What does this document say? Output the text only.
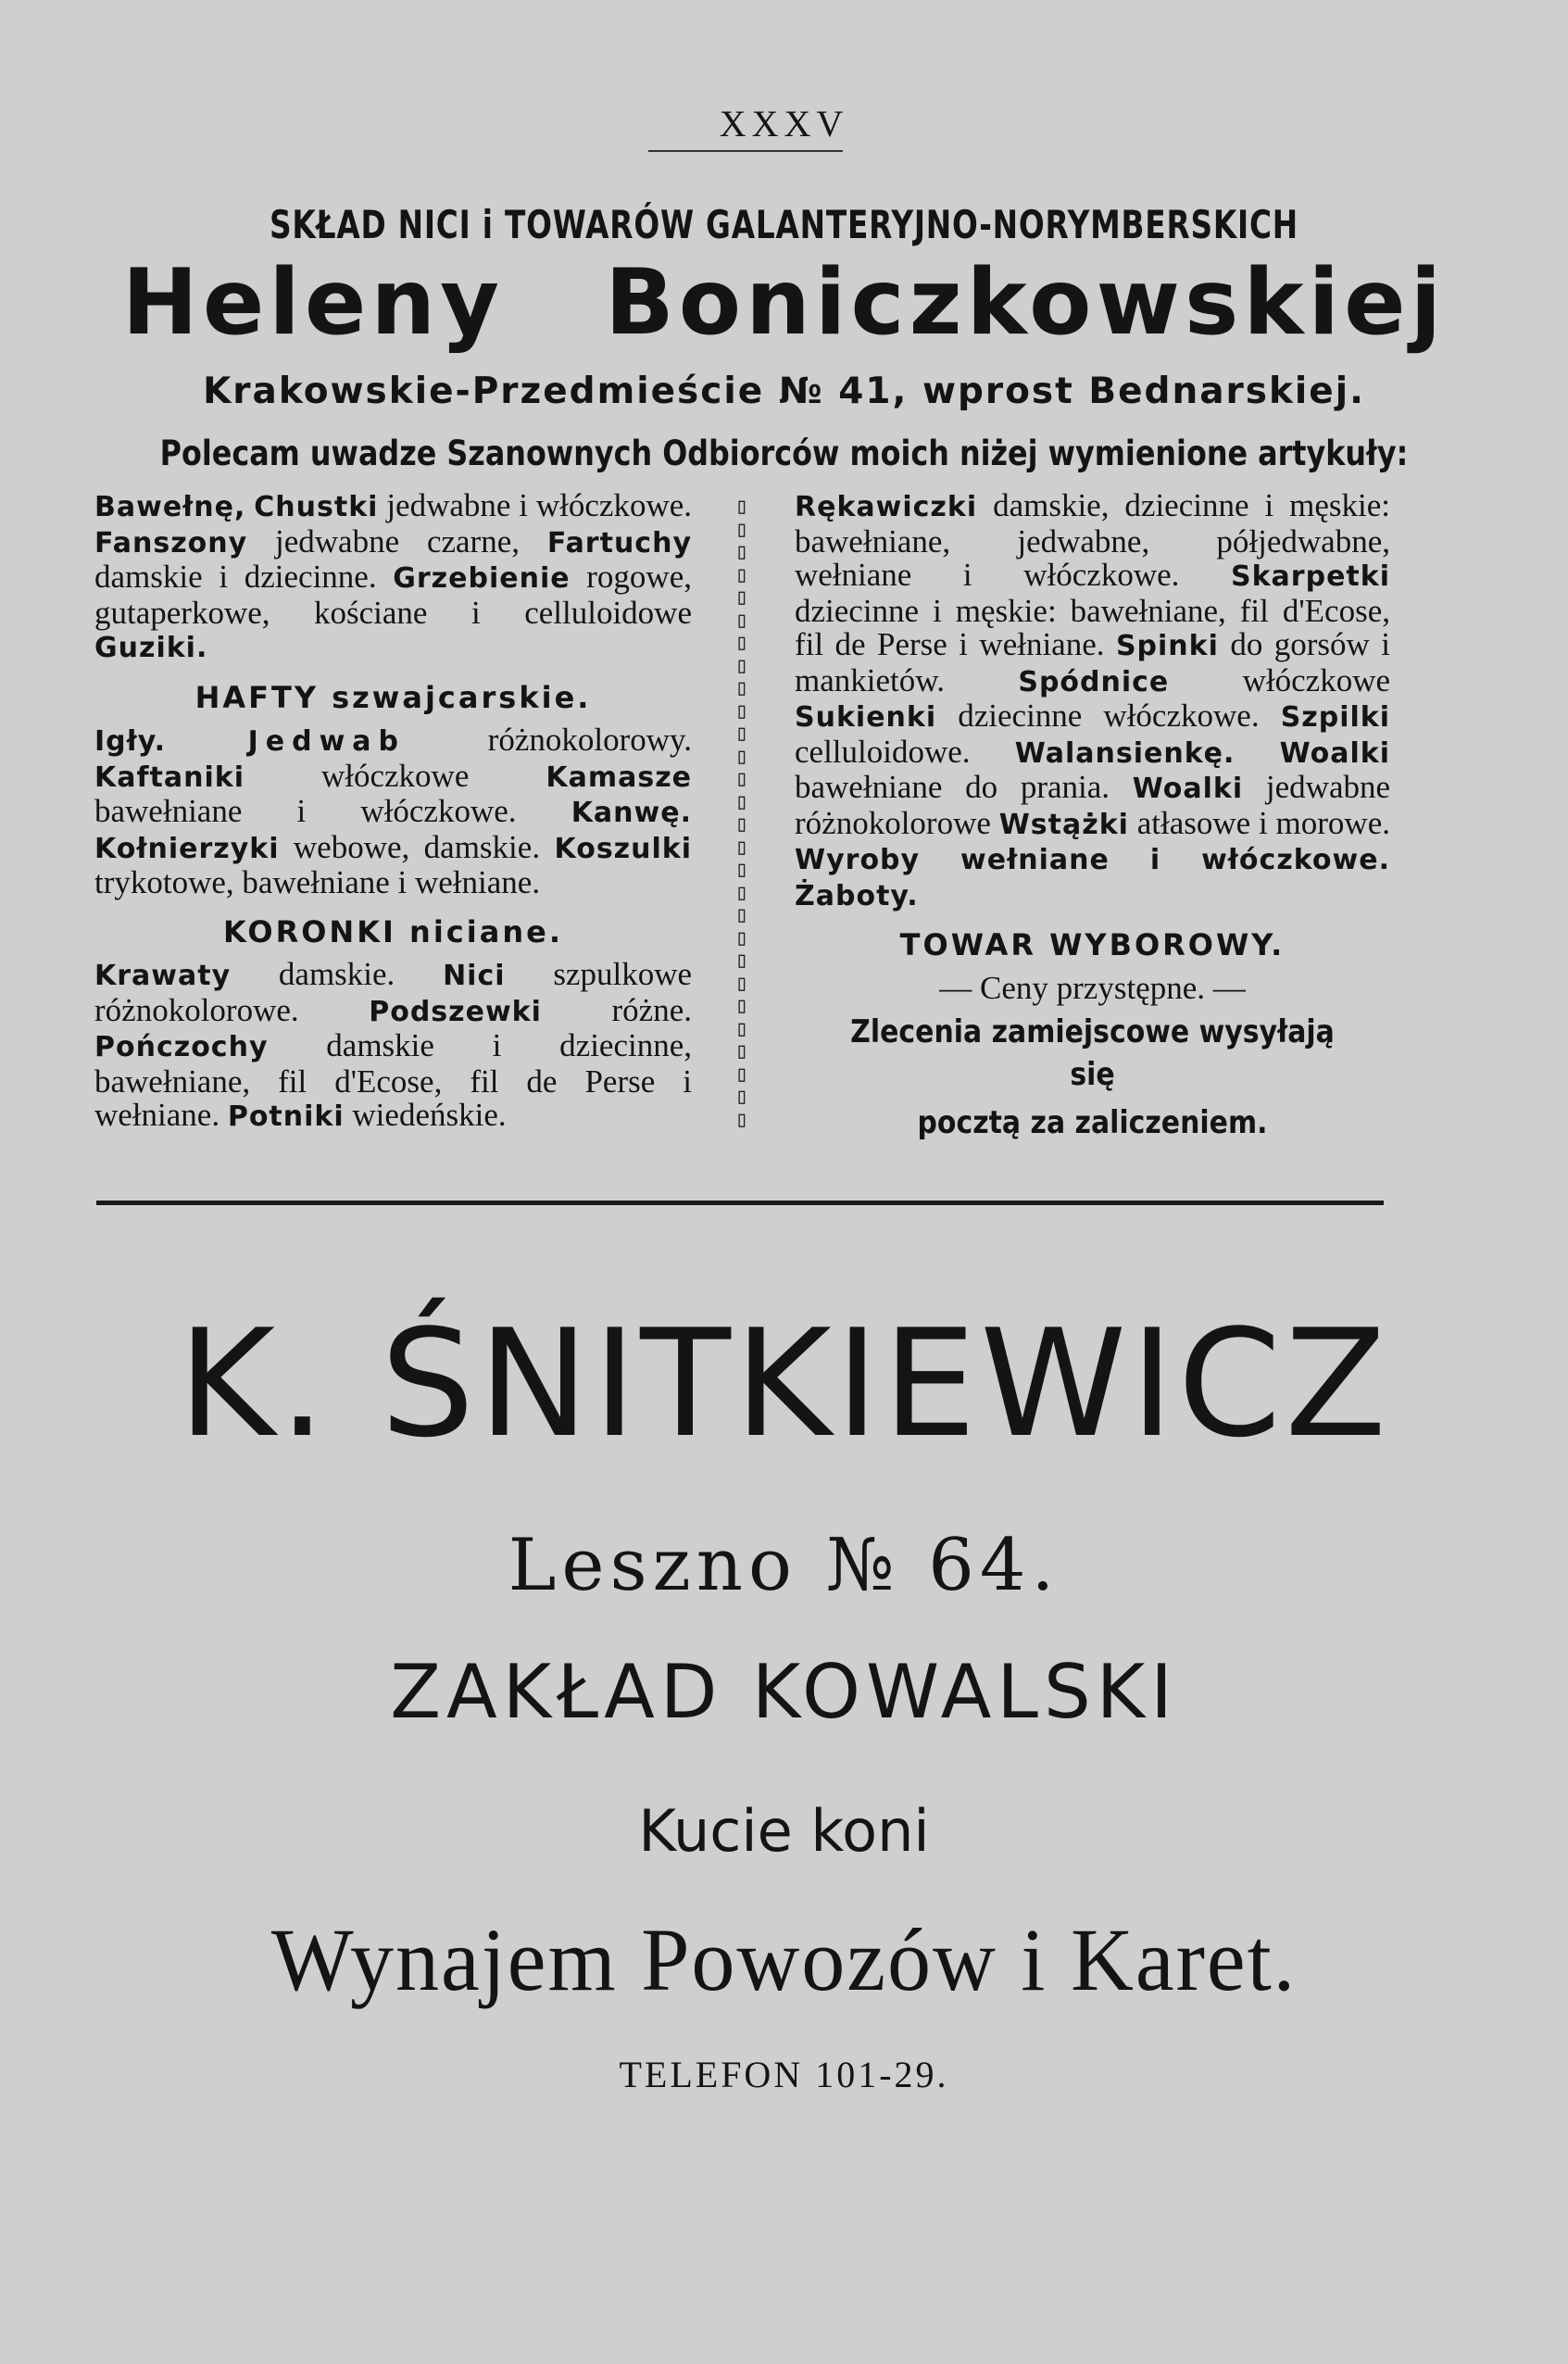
XXXV
SKŁAD NICI i TOWARÓW GALANTERYJNO-NORYMBERSKICH
Heleny Boniczkowskiej
Krakowskie-Przedmieście № 41, wprost Bednarskiej.
Polecam uwadze Szanownych Odbiorców moich niżej wymienione artykuły:

Bawełnę, Chustki jedwabne i włóczkowe. Fanszony jedwabne czarne, Fartuchy damskie i dziecinne. Grzebienie rogowe, gutaperkowe, kościane i celluloidowe Guziki.

HAFTY szwajcarskie.

Igły.	Jedwab	różnokolorowy. Kaftaniki włóczkowe	Kamasze bawełniane i włóczkowe. Kanwę. Kołnierzyki webowe, damskie. Koszulki trykotowe, bawełniane i wełniane.

KORONKI niciane.

Krawaty damskie. Nici szpulkowe różnokolorowe.	Podszewki różne. Pończochy damskie i dziecinne, bawełniane, fil d'Ecose, fil de Perse i wełniane. Potniki wiedeńskie.

▯
▯
▯
▯
▯
▯
▯
▯
▯
▯
▯
▯
▯
▯
▯
▯
▯
▯
▯
▯
▯
▯
▯
▯
▯
▯
▯
▯

Rękawiczki damskie, dziecinne i męskie: bawełniane, jedwabne, półjedwabne, wełniane i włóczkowe. Skarpetki dziecinne i męskie: bawełniane, fil d'Ecose, fil de Perse i wełniane. Spinki do gorsów i mankietów.	Spódnice włóczkowe Sukienki dziecinne włóczkowe. Szpilki celluloidowe. Walansienkę. Woalki bawełniane do prania. Woalki jedwabne różnokolorowe Wstążki atłasowe i morowe. Wyroby wełniane i włóczkowe. Żaboty.

TOWAR WYBOROWY.
— Ceny przystępne. —
Zlecenia zamiejscowe wysyłają się
pocztą za zaliczeniem.
K. ŚNITKIEWICZ
Leszno № 64.
ZAKŁAD KOWALSKI
Kucie koni
Wynajem Powozów i Karet.
TELEFON 101-29.
